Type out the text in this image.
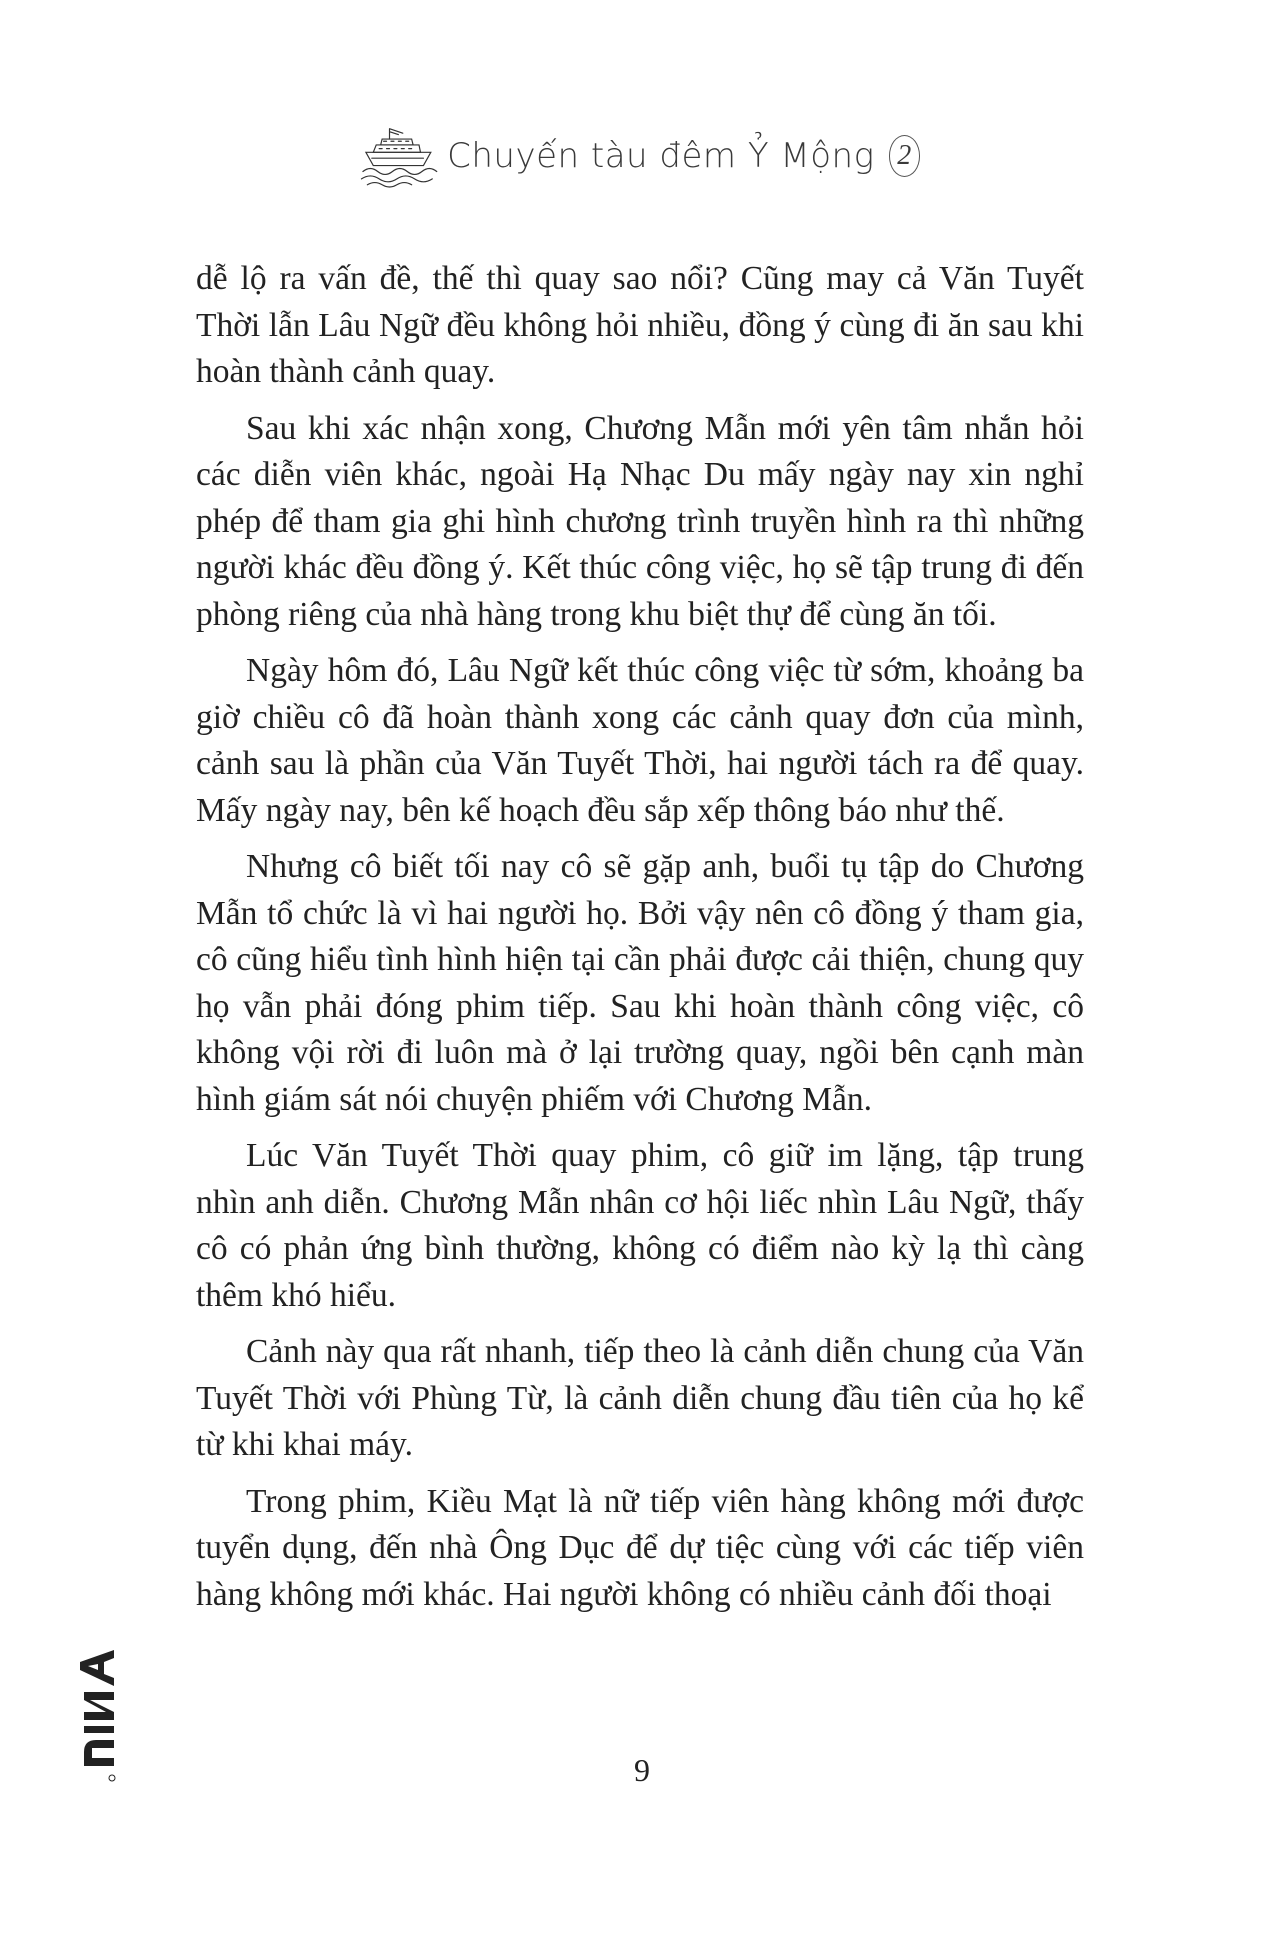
Chuyến tàu đêm Ỷ Mộng 2

dễ lộ ra vấn đề, thế thì quay sao nổi? Cũng may cả Văn Tuyết Thời lẫn Lâu Ngữ đều không hỏi nhiều, đồng ý cùng đi ăn sau khi hoàn thành cảnh quay.

Sau khi xác nhận xong, Chương Mẫn mới yên tâm nhắn hỏi các diễn viên khác, ngoài Hạ Nhạc Du mấy ngày nay xin nghỉ phép để tham gia ghi hình chương trình truyền hình ra thì những người khác đều đồng ý. Kết thúc công việc, họ sẽ tập trung đi đến phòng riêng của nhà hàng trong khu biệt thự để cùng ăn tối.

Ngày hôm đó, Lâu Ngữ kết thúc công việc từ sớm, khoảng ba giờ chiều cô đã hoàn thành xong các cảnh quay đơn của mình, cảnh sau là phần của Văn Tuyết Thời, hai người tách ra để quay. Mấy ngày nay, bên kế hoạch đều sắp xếp thông báo như thế.

Nhưng cô biết tối nay cô sẽ gặp anh, buổi tụ tập do Chương Mẫn tổ chức là vì hai người họ. Bởi vậy nên cô đồng ý tham gia, cô cũng hiểu tình hình hiện tại cần phải được cải thiện, chung quy họ vẫn phải đóng phim tiếp. Sau khi hoàn thành công việc, cô không vội rời đi luôn mà ở lại trường quay, ngồi bên cạnh màn hình giám sát nói chuyện phiếm với Chương Mẫn.

Lúc Văn Tuyết Thời quay phim, cô giữ im lặng, tập trung nhìn anh diễn. Chương Mẫn nhân cơ hội liếc nhìn Lâu Ngữ, thấy cô có phản ứng bình thường, không có điểm nào kỳ lạ thì càng thêm khó hiểu.

Cảnh này qua rất nhanh, tiếp theo là cảnh diễn chung của Văn Tuyết Thời với Phùng Từ, là cảnh diễn chung đầu tiên của họ kể từ khi khai máy.

Trong phim, Kiều Mạt là nữ tiếp viên hàng không mới được tuyển dụng, đến nhà Ông Dục để dự tiệc cùng với các tiếp viên hàng không mới khác. Hai người không có nhiều cảnh đối thoại

9
